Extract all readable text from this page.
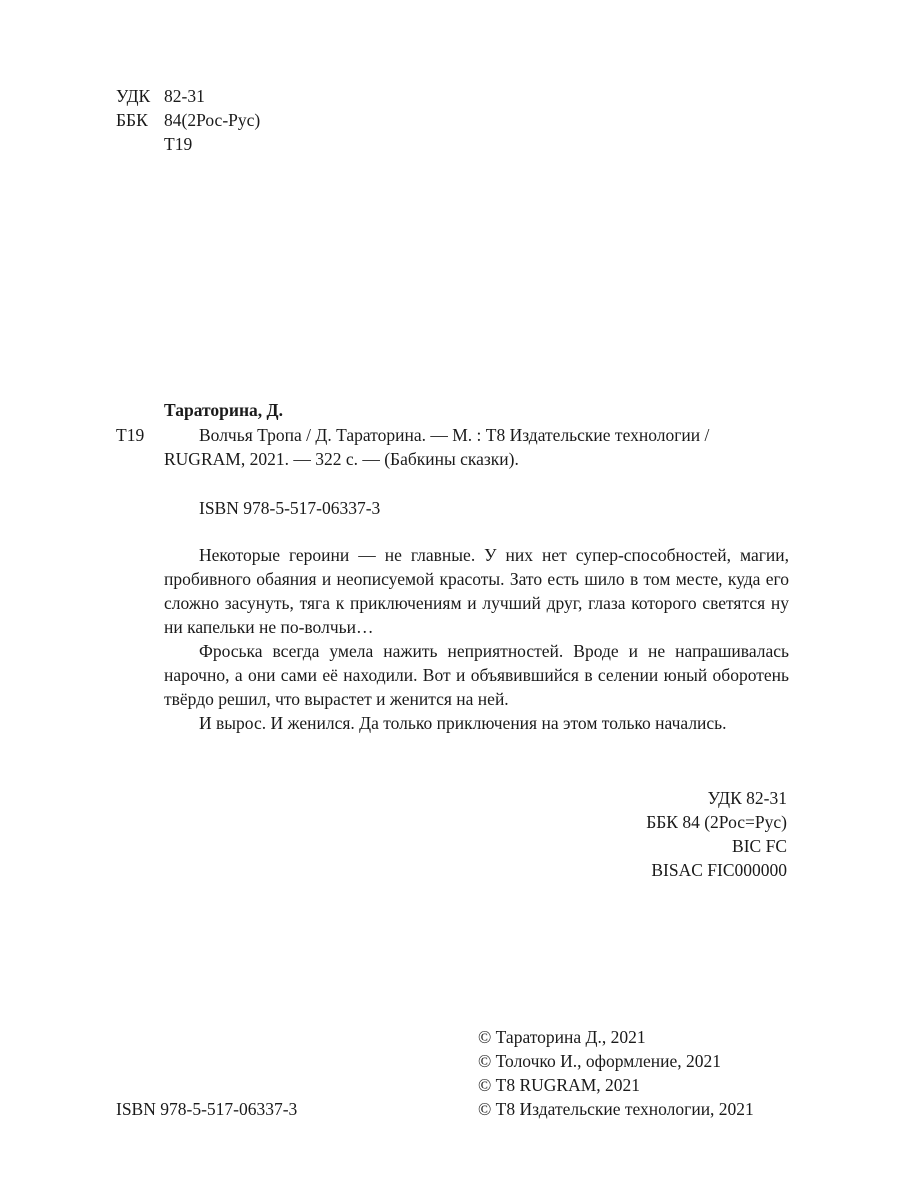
УДК 82-31
ББК 84(2Рос-Рус)
Т19
Тараторина, Д.
Т19	Волчья Тропа / Д. Тараторина. — М. : Т8 Издательские технологии /
RUGRAM, 2021. — 322 с. — (Бабкины сказки).
ISBN 978-5-517-06337-3

Некоторые героини — не главные. У них нет супер-способностей, магии, пробивного обаяния и неописуемой красоты. Зато есть шило в том месте, куда его сложно засунуть, тяга к приключениям и лучший друг, глаза которого светятся ну ни капельки не по-волчьи…

Фроська всегда умела нажить неприятностей. Вроде и не напрашивалась нарочно, а они сами её находили. Вот и объявившийся в селении юный оборотень твёрдо решил, что вырастет и женится на ней.

И вырос. И женился. Да только приключения на этом только начались.

УДК 82-31
ББК 84 (2Рос=Рус)
BIC FC
BISAC FIC000000
ISBN 978-5-517-06337-3
© Тараторина Д., 2021
© Толочко И., оформление, 2021
© Т8 RUGRAM, 2021
© Т8 Издательские технологии, 2021
